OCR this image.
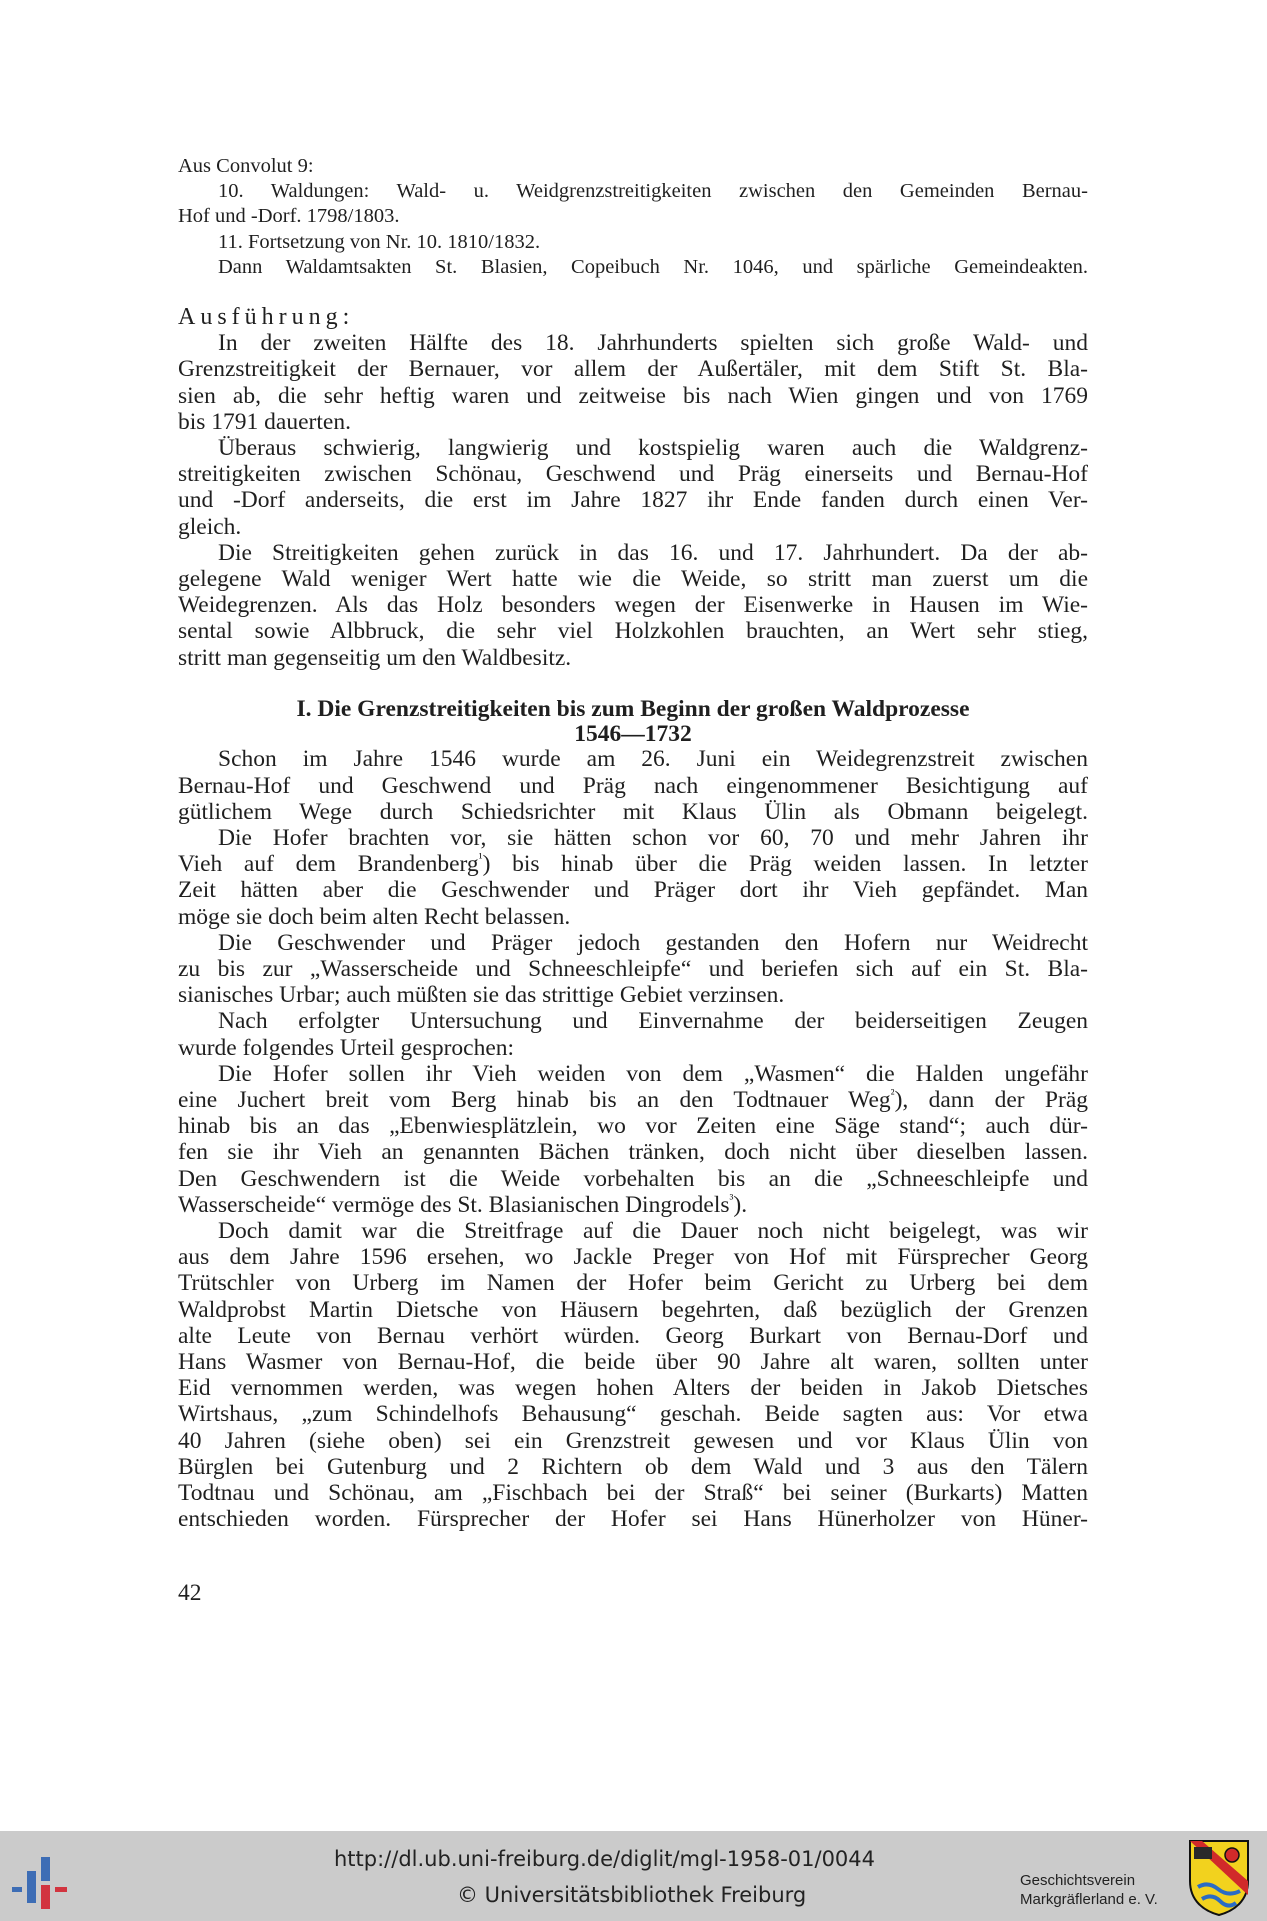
Aus Convolut 9:
10. Waldungen: Wald- u. Weidgrenzstreitigkeiten zwischen den Gemeinden Bernau-
Hof und -Dorf. 1798/1803.
11. Fortsetzung von Nr. 10. 1810/1832.
Dann Waldamtsakten St. Blasien, Copeibuch Nr. 1046, und spärliche Gemeindeakten.
Ausführung:
In der zweiten Hälfte des 18. Jahrhunderts spielten sich große Wald- und
Grenzstreitigkeit der Bernauer, vor allem der Außertäler, mit dem Stift St. Bla-
sien ab, die sehr heftig waren und zeitweise bis nach Wien gingen und von 1769
bis 1791 dauerten.
Überaus schwierig, langwierig und kostspielig waren auch die Waldgrenz-
streitigkeiten zwischen Schönau, Geschwend und Präg einerseits und Bernau-Hof
und -Dorf anderseits, die erst im Jahre 1827 ihr Ende fanden durch einen Ver-
gleich.
Die Streitigkeiten gehen zurück in das 16. und 17. Jahrhundert. Da der ab-
gelegene Wald weniger Wert hatte wie die Weide, so stritt man zuerst um die
Weidegrenzen. Als das Holz besonders wegen der Eisenwerke in Hausen im Wie-
sental sowie Albbruck, die sehr viel Holzkohlen brauchten, an Wert sehr stieg,
stritt man gegenseitig um den Waldbesitz.
I. Die Grenzstreitigkeiten bis zum Beginn der großen Waldprozesse
1546—1732
Schon im Jahre 1546 wurde am 26. Juni ein Weidegrenzstreit zwischen
Bernau-Hof und Geschwend und Präg nach eingenommener Besichtigung auf
gütlichem Wege durch Schiedsrichter mit Klaus Ülin als Obmann beigelegt.
Die Hofer brachten vor, sie hätten schon vor 60, 70 und mehr Jahren ihr
Vieh auf dem Brandenberg$^{^1}$) bis hinab über die Präg weiden lassen. In letzter
Zeit hätten aber die Geschwender und Präger dort ihr Vieh gepfändet. Man
möge sie doch beim alten Recht belassen.
Die Geschwender und Präger jedoch gestanden den Hofern nur Weidrecht
zu bis zur „Wasserscheide und Schneeschleipfe“ und beriefen sich auf ein St. Bla-
sianisches Urbar; auch müßten sie das strittige Gebiet verzinsen.
Nach erfolgter Untersuchung und Einvernahme der beiderseitigen Zeugen
wurde folgendes Urteil gesprochen:
Die Hofer sollen ihr Vieh weiden von dem „Wasmen“ die Halden ungefähr
eine Juchert breit vom Berg hinab bis an den Todtnauer Weg$^{^2}$), dann der Präg
hinab bis an das „Ebenwiesplätzlein, wo vor Zeiten eine Säge stand“; auch dür-
fen sie ihr Vieh an genannten Bächen tränken, doch nicht über dieselben lassen.
Den Geschwendern ist die Weide vorbehalten bis an die „Schneeschleipfe und
Wasserscheide“ vermöge des St. Blasianischen Dingrodels$^{^3}$).
Doch damit war die Streitfrage auf die Dauer noch nicht beigelegt, was wir
aus dem Jahre 1596 ersehen, wo Jackle Preger von Hof mit Fürsprecher Georg
Trütschler von Urberg im Namen der Hofer beim Gericht zu Urberg bei dem
Waldprobst Martin Dietsche von Häusern begehrten, daß bezüglich der Grenzen
alte Leute von Bernau verhört würden. Georg Burkart von Bernau-Dorf und
Hans Wasmer von Bernau-Hof, die beide über 90 Jahre alt waren, sollten unter
Eid vernommen werden, was wegen hohen Alters der beiden in Jakob Dietsches
Wirtshaus, „zum Schindelhofs Behausung“ geschah. Beide sagten aus: Vor etwa
40 Jahren (siehe oben) sei ein Grenzstreit gewesen und vor Klaus Ülin von
Bürglen bei Gutenburg und 2 Richtern ob dem Wald und 3 aus den Tälern
Todtnau und Schönau, am „Fischbach bei der Straß“ bei seiner (Burkarts) Matten
entschieden worden. Fürsprecher der Hofer sei Hans Hünerholzer von Hüner-
42
http://dl.ub.uni-freiburg.de/diglit/mgl-1958-01/0044
© Universitätsbibliothek Freiburg
Geschichtsverein
Markgräflerland e. V.
